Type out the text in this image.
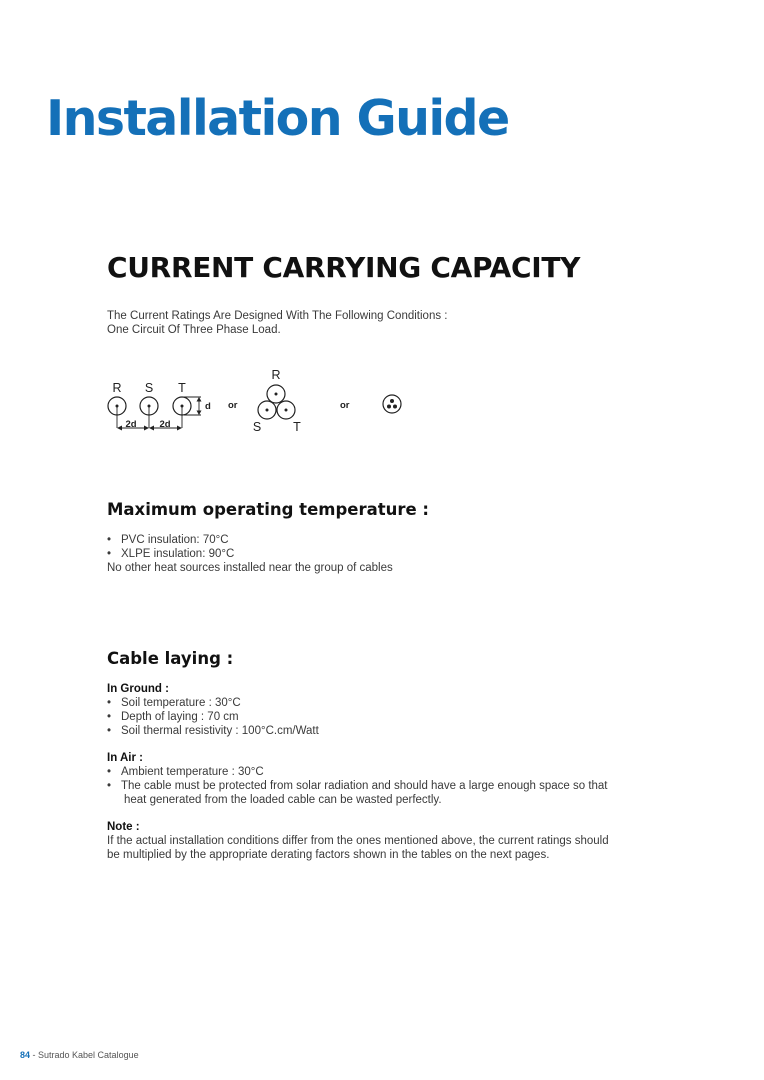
Installation Guide
CURRENT CARRYING CAPACITY
The Current Ratings Are Designed With The Following Conditions :
One Circuit Of Three Phase Load.
R S T
2d 2d
d or
R
S	T
or
Maximum operating temperature :
• PVC insulation: 70°C
• XLPE insulation: 90°C
No other heat sources installed near the group of cables
Cable laying :
In Ground :
• Soil temperature : 30°C
• Depth of laying : 70 cm
• Soil thermal resistivity : 100°C.cm/Watt
In Air :
• Ambient temperature : 30°C
• The cable must be protected from solar radiation and should have a large enough space so that
heat generated from the loaded cable can be wasted perfectly.
Note :
If the actual installation conditions differ from the ones mentioned above, the current ratings should
be multiplied by the appropriate derating factors shown in the tables on the next pages.
84 - Sutrado Kabel Catalogue
